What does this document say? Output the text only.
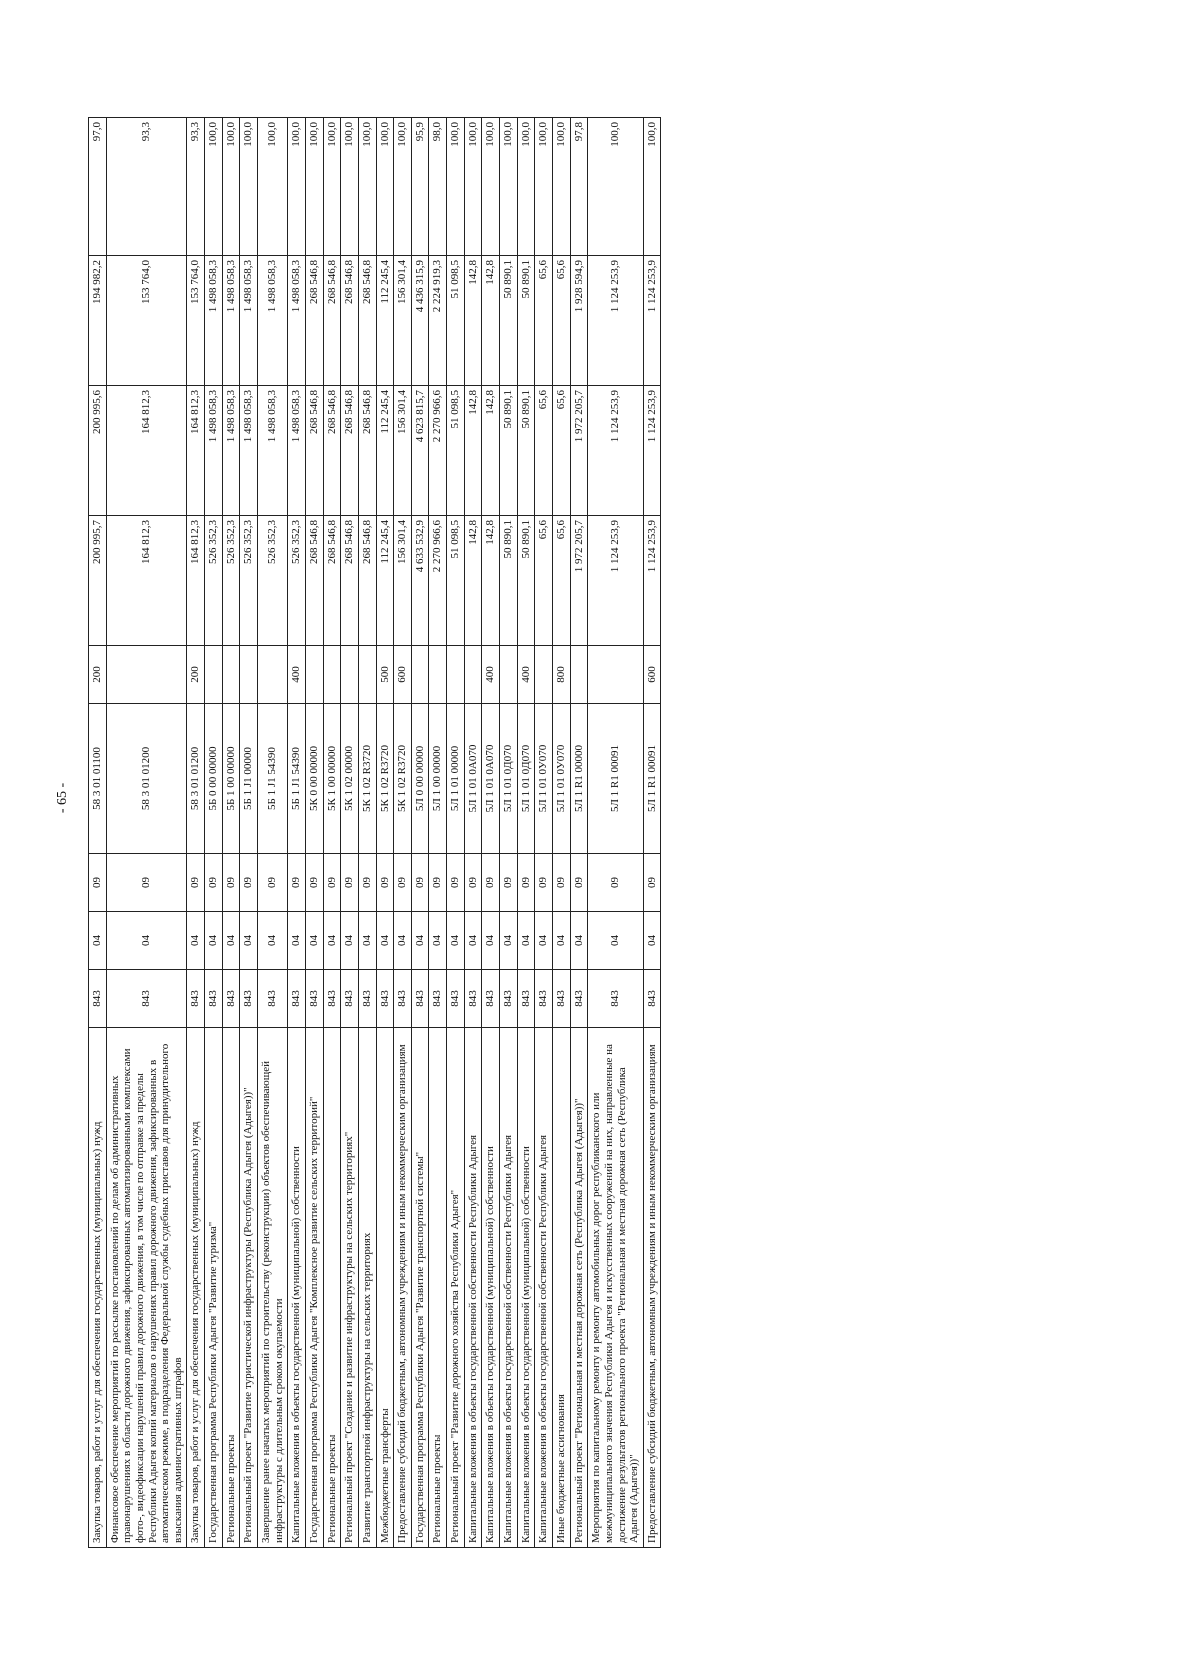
- 65 -
Закупка товаров, работ и услуг для обеспечения государственных (муниципальных) нужд	843	04	09	58 3 01 01100	200	200 995,7	200 995,6	194 982,2	97,0
Финансовое обеспечение мероприятий по рассылке постановлений по делам об административных правонарушениях в области дорожного движения, зафиксированных автоматизированными комплексами фото-, видеофиксации нарушений правил дорожного движения, в том числе по отправке за пределы Республики Адыгея копий материалов о нарушениях правил дорожного движения, зафиксированных в автоматическом режиме, в подразделения Федеральной службы судебных приставов для принудительного взыскания административных штрафов	843	04	09	58 3 01 01200		164 812,3	164 812,3	153 764,0	93,3
Закупка товаров, работ и услуг для обеспечения государственных (муниципальных) нужд	843	04	09	58 3 01 01200	200	164 812,3	164 812,3	153 764,0	93,3
Государственная программа Республики Адыгея "Развитие туризма"	843	04	09	5Б 0 00 00000		526 352,3	1 498 058,3	1 498 058,3	100,0
Региональные проекты	843	04	09	5Б 1 00 00000		526 352,3	1 498 058,3	1 498 058,3	100,0
Региональный проект "Развитие туристической инфраструктуры (Республика Адыгея (Адыгея))"	843	04	09	5Б 1 J1 00000		526 352,3	1 498 058,3	1 498 058,3	100,0
Завершение ранее начатых мероприятий по строительству (реконструкции) объектов обеспечивающей инфраструктуры с длительным сроком окупаемости	843	04	09	5Б 1 J1 54390		526 352,3	1 498 058,3	1 498 058,3	100,0
Капитальные вложения в объекты государственной (муниципальной) собственности	843	04	09	5Б 1 J1 54390	400	526 352,3	1 498 058,3	1 498 058,3	100,0
Государственная программа Республики Адыгея "Комплексное развитие сельских территорий"	843	04	09	5К 0 00 00000		268 546,8	268 546,8	268 546,8	100,0
Региональные проекты	843	04	09	5К 1 00 00000		268 546,8	268 546,8	268 546,8	100,0
Региональный проект "Создание и развитие инфраструктуры на сельских территориях"	843	04	09	5К 1 02 00000		268 546,8	268 546,8	268 546,8	100,0
Развитие транспортной инфраструктуры на сельских территориях	843	04	09	5К 1 02 R3720		268 546,8	268 546,8	268 546,8	100,0
Межбюджетные трансферты	843	04	09	5К 1 02 R3720	500	112 245,4	112 245,4	112 245,4	100,0
Предоставление субсидий бюджетным, автономным учреждениям и иным некоммерческим организациям	843	04	09	5К 1 02 R3720	600	156 301,4	156 301,4	156 301,4	100,0
Государственная программа Республики Адыгея "Развитие транспортной системы"	843	04	09	5Л 0 00 00000		4 633 532,9	4 623 815,7	4 436 315,9	95,9
Региональные проекты	843	04	09	5Л 1 00 00000		2 270 966,6	2 270 966,6	2 224 919,3	98,0
Региональный проект "Развитие дорожного хозяйства Республики Адыгея"	843	04	09	5Л 1 01 00000		51 098,5	51 098,5	51 098,5	100,0
Капитальные вложения в объекты государственной собственности Республики Адыгея	843	04	09	5Л 1 01 0А070		142,8	142,8	142,8	100,0
Капитальные вложения в объекты государственной (муниципальной) собственности	843	04	09	5Л 1 01 0А070	400	142,8	142,8	142,8	100,0
Капитальные вложения в объекты государственной собственности Республики Адыгея	843	04	09	5Л 1 01 0Д070		50 890,1	50 890,1	50 890,1	100,0
Капитальные вложения в объекты государственной (муниципальной) собственности	843	04	09	5Л 1 01 0Д070	400	50 890,1	50 890,1	50 890,1	100,0
Капитальные вложения в объекты государственной собственности Республики Адыгея	843	04	09	5Л 1 01 0У070		65,6	65,6	65,6	100,0
Иные бюджетные ассигнования	843	04	09	5Л 1 01 0У070	800	65,6	65,6	65,6	100,0
Региональный проект "Региональная и местная дорожная сеть (Республика Адыгея (Адыгея))"	843	04	09	5Л 1 R1 00000		1 972 205,7	1 972 205,7	1 928 594,9	97,8
Мероприятия по капитальному ремонту и ремонту автомобильных дорог республиканского или межмуниципального значения Республики Адыгея и искусственных сооружений на них, направленные на достижение результатов регионального проекта "Региональная и местная дорожная сеть (Республика Адыгея (Адыгея))"	843	04	09	5Л 1 R1 00091		1 124 253,9	1 124 253,9	1 124 253,9	100,0
Предоставление субсидий бюджетным, автономным учреждениям и иным некоммерческим организациям	843	04	09	5Л 1 R1 00091	600	1 124 253,9	1 124 253,9	1 124 253,9	100,0
